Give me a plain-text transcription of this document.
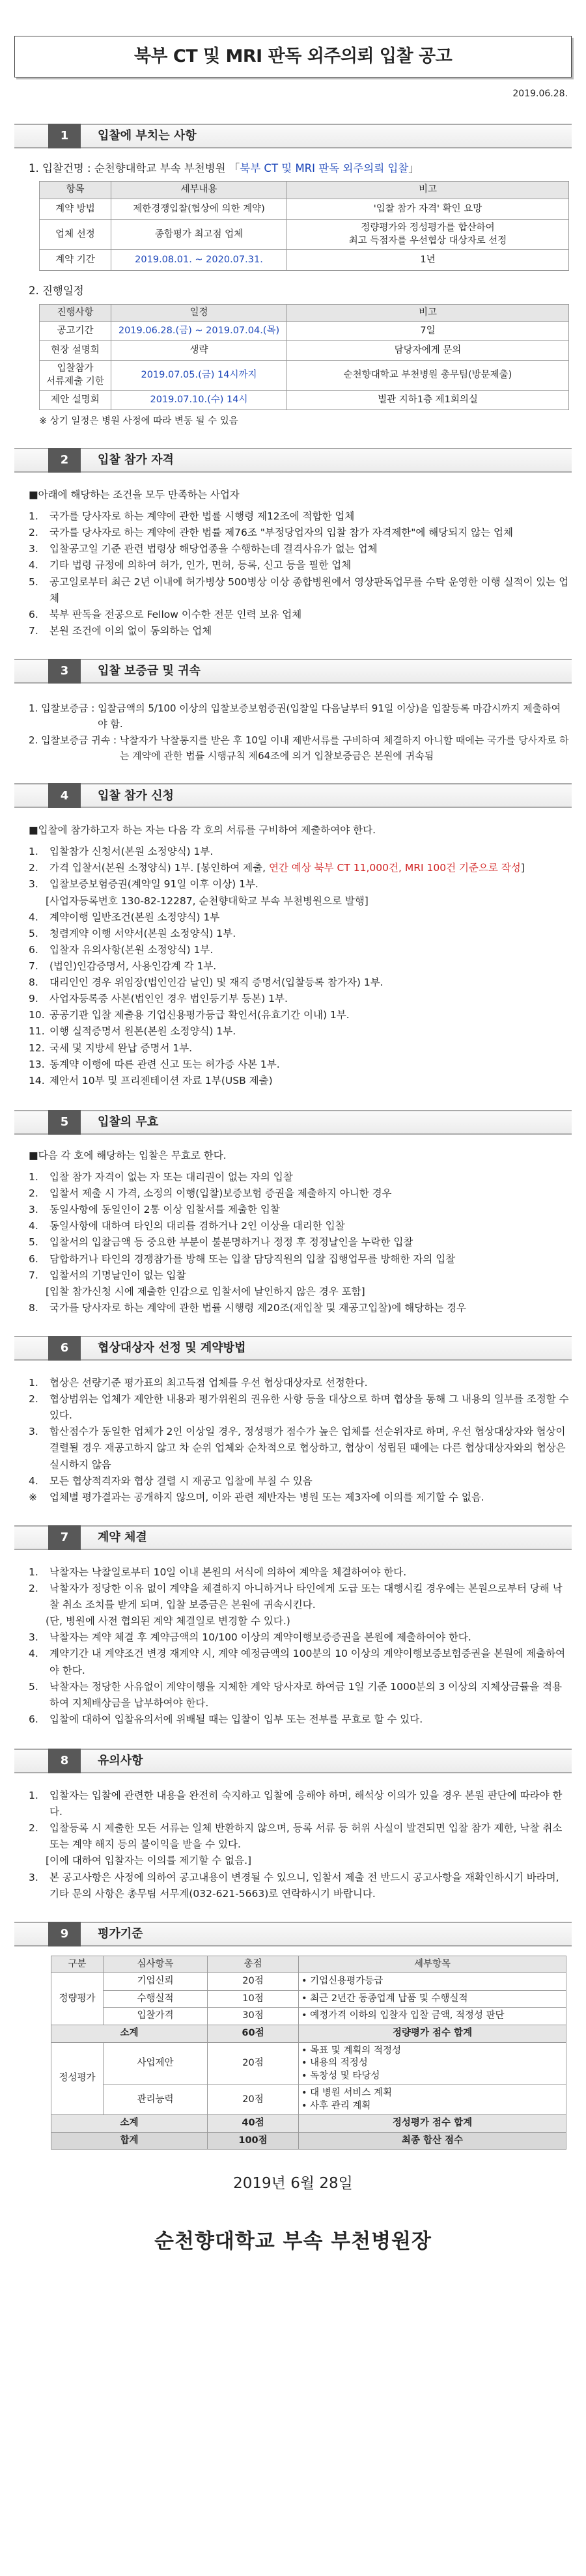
북부 CT 및 MRI 판독 외주의뢰 입찰 공고
2019.06.28.
1	입찰에 부치는 사항
1. 입찰건명 : 순천향대학교 부속 부천병원 「북부 CT 및 MRI 판독 외주의뢰 입찰」
항목	세부내용	비고
계약 방법	제한경쟁입찰(협상에 의한 계약)	'입찰 참가 자격' 확인 요망
업체 선정	종합평가 최고점 업체	정량평가와 정성평가를 합산하여
최고 득점자를 우선협상 대상자로 선정

계약 기간	2019.08.01. ~ 2020.07.31.	1년
2. 진행일정
진행사항	일정	비고
공고기간	2019.06.28.(금) ~ 2019.07.04.(목)	7일
현장 설명회	생략	담당자에게 문의

입찰참가
서류제출 기한	2019.07.05.(금) 14시까지	순천향대학교 부천병원 총무팀(방문제출)
제안 설명회	2019.07.10.(수) 14시	별관 지하1층 제1회의실
※ 상기 일정은 병원 사정에 따라 변동 될 수 있음
2	입찰 참가 자격
■아래에 해당하는 조건을 모두 만족하는 사업자
1.	국가를 당사자로 하는 계약에 관한 법률 시행령 제12조에 적합한 업체
2.	국가를 당사자로 하는 계약에 관한 법률 제76조 "부정당업자의 입찰 참가 자격제한"에 해당되지 않는 업체
3.	입찰공고일 기준 관련 법령상 해당업종을 수행하는데 결격사유가 없는 업체
4.	기타 법령 규정에 의하여 허가, 인가, 면허, 등록, 신고 등을 필한 업체
5.	공고일로부터 최근 2년 이내에 허가병상 500병상 이상 종합병원에서 영상판독업무를 수탁 운영한 이행 실적이 있는 업체
6.	북부 판독을 전공으로 Fellow 이수한 전문 인력 보유 업체
7.	본원 조건에 이의 없이 동의하는 업체
3	입찰 보증금 및 귀속
1. 입찰보증금 : 입찰금액의 5/100 이상의 입찰보증보험증권(입찰일 다음날부터 91일 이상)을 입찰등록 마감시까지 제출하여야 함.
2. 입찰보증금 귀속 : 낙찰자가 낙찰통지를 받은 후 10일 이내 제반서류를 구비하여 체결하지 아니할 때에는 국가를 당사자로 하는 계약에 관한 법률 시행규칙 제64조에 의거 입찰보증금은 본원에 귀속됨
4	입찰 참가 신청
■입찰에 참가하고자 하는 자는 다음 각 호의 서류를 구비하여 제출하여야 한다.
1.	입찰참가 신청서(본원 소정양식) 1부.
2.	가격 입찰서(본원 소정양식) 1부. [봉인하여 제출, 연간 예상 북부 CT 11,000건, MRI 100건 기준으로 작성]
3.	입찰보증보험증권(계약일 91일 이후 이상) 1부.
[사업자등록번호 130-82-12287, 순천향대학교 부속 부천병원으로 발행]
4.	계약이행 일반조건(본원 소정양식) 1부
5.	청렴계약 이행 서약서(본원 소정양식) 1부.
6.	입찰자 유의사항(본원 소정양식) 1부.
7.	(법인)인감증명서, 사용인감계 각 1부.
8.	대리인인 경우 위임장(법인인감 날인) 및 재직 증명서(입찰등록 참가자) 1부.
9.	사업자등록증 사본(법인인 경우 법인등기부 등본) 1부.
10. 공공기관 입찰 제출용 기업신용평가등급 확인서(유효기간 이내) 1부.
11. 이행 실적증명서 원본(본원 소정양식) 1부.
12. 국세 및 지방세 완납 증명서 1부.
13. 동계약 이행에 따른 관련 신고 또는 허가증 사본 1부.
14. 제안서 10부 및 프리젠테이션 자료 1부(USB 제출)
5	입찰의 무효
■다음 각 호에 해당하는 입찰은 무효로 한다.
1.	입찰 참가 자격이 없는 자 또는 대리권이 없는 자의 입찰
2.	입찰서 제출 시 가격, 소정의 이행(입찰)보증보험 증권을 제출하지 아니한 경우
3.	동일사항에 동일인이 2통 이상 입찰서를 제출한 입찰
4.	동일사항에 대하여 타인의 대리를 겸하거나 2인 이상을 대리한 입찰
5.	입찰서의 입찰금액 등 중요한 부분이 불분명하거나 정정 후 정정날인을 누락한 입찰
6.	담합하거나 타인의 경쟁참가를 방해 또는 입찰 담당직원의 입찰 집행업무를 방해한 자의 입찰
7.	입찰서의 기명날인이 없는 입찰
[입찰 참가신청 시에 제출한 인감으로 입찰서에 날인하지 않은 경우 포함]
8.	국가를 당사자로 하는 계약에 관한 법률 시행령 제20조(재입찰 및 재공고입찰)에 해당하는 경우
6	협상대상자 선정 및 계약방법
1.	협상은 선량기준 평가표의 최고득점 업체를 우선 협상대상자로 선정한다.
2.	협상범위는 업체가 제안한 내용과 평가위원의 권유한 사항 등을 대상으로 하며 협상을 통해 그 내용의 일부를 조정할 수 있다.
3.	합산점수가 동일한 업체가 2인 이상일 경우, 정성평가 점수가 높은 업체를 선순위자로 하며, 우선 협상대상자와 협상이 결렬될 경우 재공고하지 않고 차 순위 업체와 순차적으로 협상하고, 협상이 성립된 때에는 다른 협상대상자와의 협상은 실시하지 않음
4.	모든 협상적격자와 협상 결렬 시 재공고 입찰에 부칠 수 있음
※	업체별 평가결과는 공개하지 않으며, 이와 관련 제반자는 병원 또는 제3자에 이의를 제기할 수 없음.
7	계약 체결
1.	낙찰자는 낙찰일로부터 10일 이내 본원의 서식에 의하여 계약을 체결하여야 한다.
2.	낙찰자가 정당한 이유 없이 계약을 체결하지 아니하거나 타인에게 도급 또는 대행시킬 경우에는 본원으로부터 당해 낙찰 취소 조치를 받게 되며, 입찰 보증금은 본원에 귀속시킨다.
(단, 병원에 사전 협의된 계약 체결일로 변경할 수 있다.)
3.	낙찰자는 계약 체결 후 계약금액의 10/100 이상의 계약이행보증증권을 본원에 제출하여야 한다.
4.	계약기간 내 계약조건 변경 재계약 시, 계약 예정금액의 100분의 10 이상의 계약이행보증보험증권을 본원에 제출하여야 한다.
5.	낙찰자는 정당한 사유없이 계약이행을 지체한 계약 당사자로 하여금 1일 기준 1000분의 3 이상의 지체상금률을 적용하여 지체배상금을 납부하여야 한다.
6.	입찰에 대하여 입찰유의서에 위배될 때는 입찰이 입부 또는 전부를 무효로 할 수 있다.
8	유의사항
1.	입찰자는 입찰에 관련한 내용을 완전히 숙지하고 입찰에 응해야 하며, 해석상 이의가 있을 경우 본원 판단에 따라야 한다.
2.	입찰등록 시 제출한 모든 서류는 일체 반환하지 않으며, 등록 서류 등 허위 사실이 발견되면 입찰 참가 제한, 낙찰 취소 또는 계약 해지 등의 불이익을 받을 수 있다.
[이에 대하여 입찰자는 이의를 제기할 수 없음.]
3.	본 공고사항은 사정에 의하여 공고내용이 변경될 수 있으니, 입찰서 제출 전 반드시 공고사항을 재확인하시기 바라며, 기타 문의 사항은 총무팀 서무계(032-621-5663)로 연락하시기 바랍니다.
9	평가기준
구분	심사항목	총점	세부항목
정량평가	기업신뢰	20점	• 기업신용평가등급
	수행실적	10점	• 최근 2년간 동종업계 납품 및 수행실적
	입찰가격	30점	• 예정가격 이하의 입찰자 입찰 금액, 적정성 판단
소계		60점	정량평가 점수 합계
정성평가	사업제안	20점	• 목표 및 계획의 적정성
• 내용의 적정성
• 독창성 및 타당성

	관리능력	20점	• 대 병원 서비스 계획
• 사후 관리 계획

소계		40점	정성평가 점수 합계
합계		100점	최종 합산 점수
2019년 6월 28일
순천향대학교 부속 부천병원장
